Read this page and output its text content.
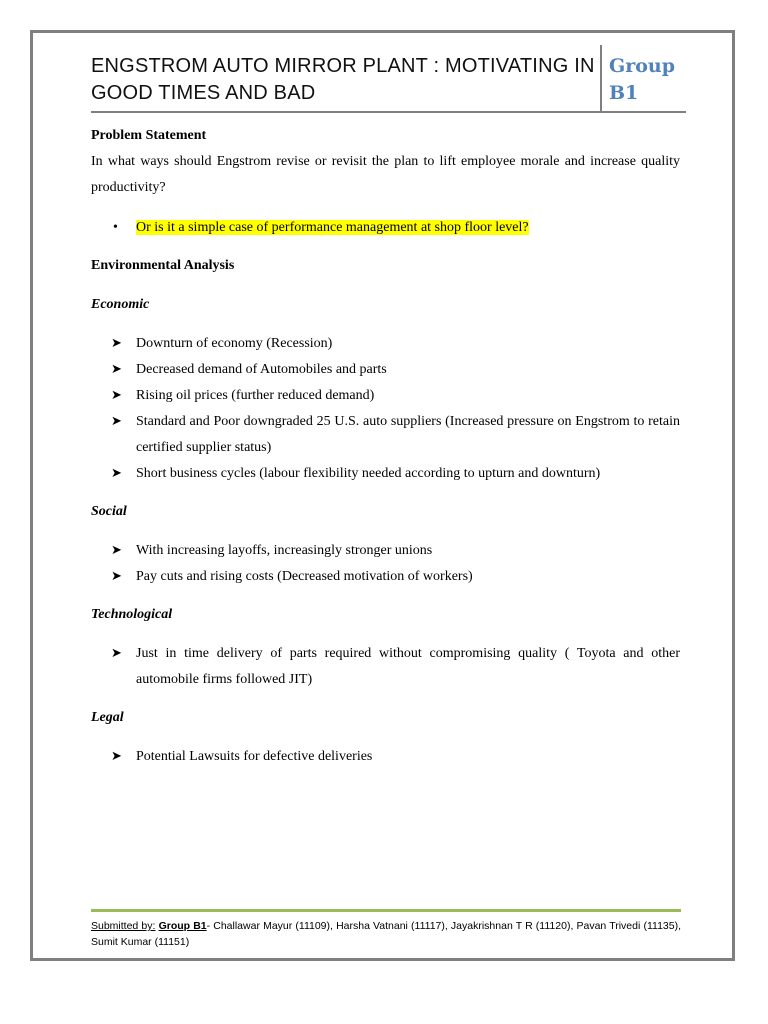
ENGSTROM AUTO MIRROR PLANT : MOTIVATING IN GOOD TIMES AND BAD
Group B1
Problem Statement
In what ways should Engstrom revise or revisit the plan to lift employee morale and increase quality productivity?
• Or is it a simple case of performance management at shop floor level?
Environmental Analysis
Economic
➤ Downturn of economy (Recession)
➤ Decreased demand of Automobiles and parts
➤ Rising oil prices (further reduced demand)
➤ Standard and Poor downgraded 25 U.S. auto suppliers (Increased pressure on Engstrom to retain certified supplier status)
➤ Short business cycles (labour flexibility needed according to upturn and downturn)
Social
➤ With increasing layoffs, increasingly stronger unions
➤ Pay cuts and rising costs (Decreased motivation of workers)
Technological
➤ Just in time delivery of parts required without compromising quality ( Toyota and other automobile firms followed JIT)
Legal
➤ Potential Lawsuits for defective deliveries
Submitted by: Group B1- Challawar Mayur (11109), Harsha Vatnani (11117), Jayakrishnan T R (11120), Pavan Trivedi (11135), Sumit Kumar (11151)
